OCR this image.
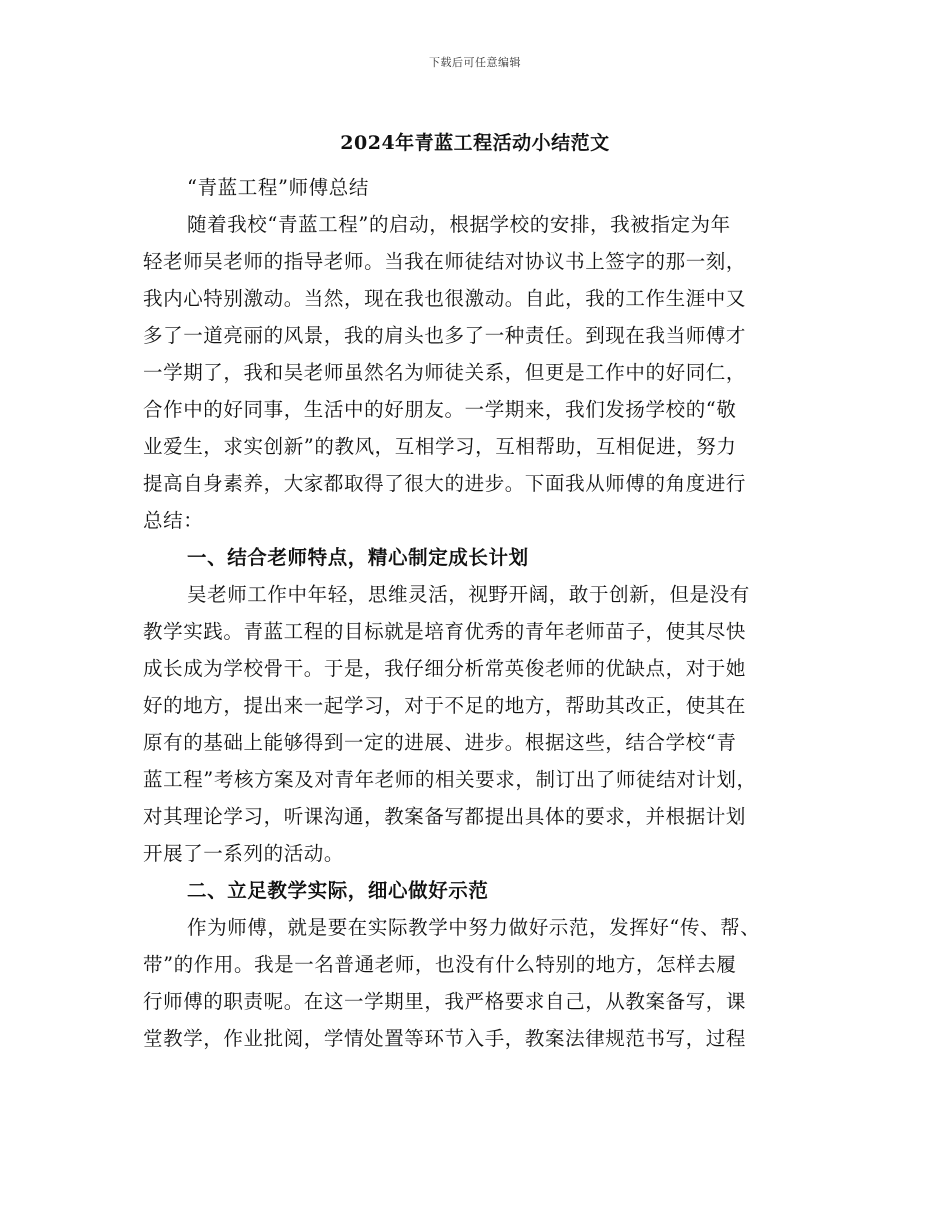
下载后可任意编辑
2024年青蓝工程活动小结范文
“青蓝工程”师傅总结
随着我校“青蓝工程”的启动，根据学校的安排，我被指定为年
轻老师吴老师的指导老师。当我在师徒结对协议书上签字的那一刻，
我内心特别激动。当然，现在我也很激动。自此，我的工作生涯中又
多了一道亮丽的风景，我的肩头也多了一种责任。到现在我当师傅才
一学期了，我和吴老师虽然名为师徒关系，但更是工作中的好同仁，
合作中的好同事，生活中的好朋友。一学期来，我们发扬学校的“敬
业爱生，求实创新”的教风，互相学习，互相帮助，互相促进，努力
提高自身素养，大家都取得了很大的进步。下面我从师傅的角度进行
总结：
一、结合老师特点，精心制定成长计划
吴老师工作中年轻，思维灵活，视野开阔，敢于创新，但是没有
教学实践。青蓝工程的目标就是培育优秀的青年老师苗子，使其尽快
成长成为学校骨干。于是，我仔细分析常英俊老师的优缺点，对于她
好的地方，提出来一起学习，对于不足的地方，帮助其改正，使其在
原有的基础上能够得到一定的进展、进步。根据这些，结合学校“青
蓝工程”考核方案及对青年老师的相关要求，制订出了师徒结对计划，
对其理论学习，听课沟通，教案备写都提出具体的要求，并根据计划
开展了一系列的活动。
二、立足教学实际，细心做好示范
作为师傅，就是要在实际教学中努力做好示范，发挥好“传、帮、
带”的作用。我是一名普通老师，也没有什么特别的地方，怎样去履
行师傅的职责呢。在这一学期里，我严格要求自己，从教案备写，课
堂教学，作业批阅，学情处置等环节入手，教案法律规范书写，过程
